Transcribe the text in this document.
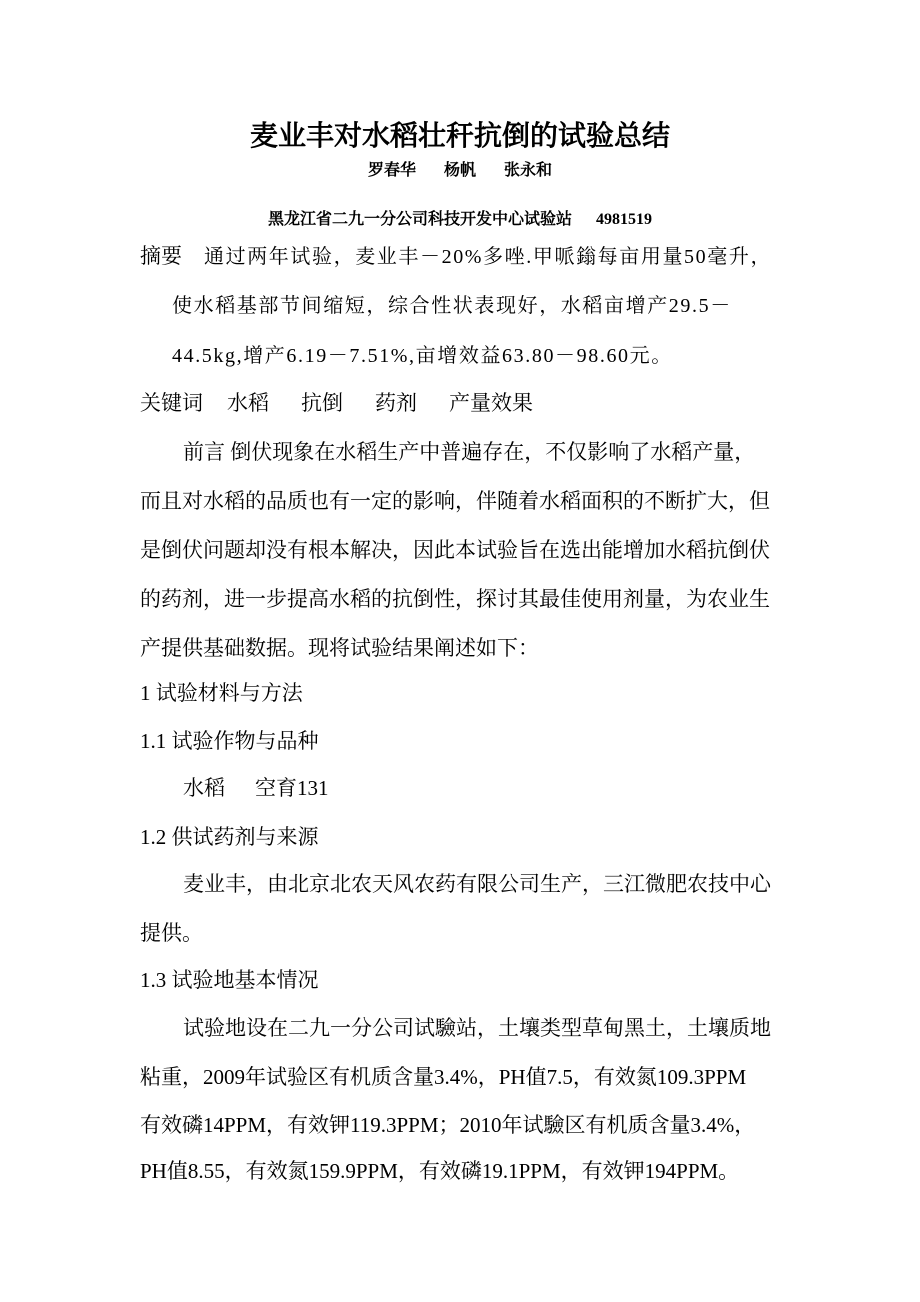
麦业丰对水稻壮秆抗倒的试验总结
罗春华 杨帆 张永和
黑龙江省二九一分公司科技开发中心试验站 4981519
摘要 通过两年试验，麦业丰－20%多唑.甲哌鎓每亩用量50毫升，
使水稻基部节间缩短，综合性状表现好，水稻亩增产29.5－
44.5kg,增产6.19－7.51%,亩增效益63.80－98.60元。
关键词 水稻 抗倒 药剂 产量效果
前言 倒伏现象在水稻生产中普遍存在，不仅影响了水稻产量，
而且对水稻的品质也有一定的影响，伴随着水稻面积的不断扩大，但
是倒伏问题却没有根本解决，因此本试验旨在选出能增加水稻抗倒伏
的药剂，进一步提高水稻的抗倒性，探讨其最佳使用剂量，为农业生
产提供基础数据。现将试验结果阐述如下：
1 试验材料与方法
1.1 试验作物与品种
水稻 空育131
1.2 供试药剂与来源
麦业丰，由北京北农天风农药有限公司生产，三江微肥农技中心
提供。
1.3 试验地基本情况
试验地设在二九一分公司试驗站，土壤类型草甸黑土，土壤质地
粘重，2009年试验区有机质含量3.4%，PH值7.5，有效氮109.3PPM
有效磷14PPM，有效钾119.3PPM；2010年试驗区有机质含量3.4%，
PH值8.55，有效氮159.9PPM，有效磷19.1PPM，有效钾194PPM。
